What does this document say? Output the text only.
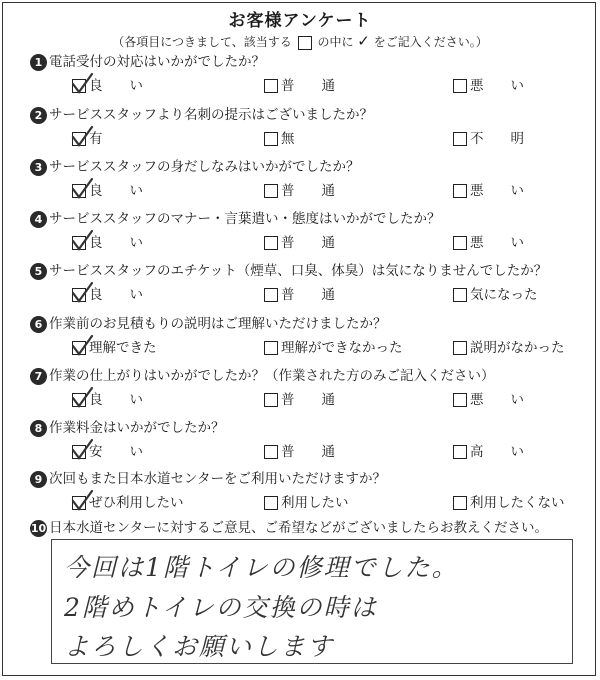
お客様アンケート
（各項目につきまして、該当する の中に ✓ をご記入ください。）
1 電話受付の対応はいかがでしたか？
良　　い	普　　通	悪　　い
2 サービススタッフより名刺の提示はございましたか？
有	無	不　　明
3 サービススタッフの身だしなみはいかがでしたか？
良　　い	普　　通	悪　　い
4 サービススタッフのマナー・言葉遣い・態度はいかがでしたか？
良　　い	普　　通	悪　　い
5 サービススタッフのエチケット（煙草、口臭、体臭）は気になりませんでしたか？
良　　い	普　　通	気になった
6 作業前のお見積もりの説明はご理解いただけましたか？
理解できた	理解ができなかった	説明がなかった
7 作業の仕上がりはいかがでしたか？（作業された方のみご記入ください）
良　　い	普　　通	悪　　い
8 作業料金はいかがでしたか？
安　　い	普　　通	高　　い
9 次回もまた日本水道センターをご利用いただけますか？
ぜひ利用したい	利用したい	利用したくない
10 日本水道センターに対するご意見、ご希望などがございましたらお教えください。
今回は1階トイレの修理でした。
2階めトイレの交換の時は
よろしくお願いします
